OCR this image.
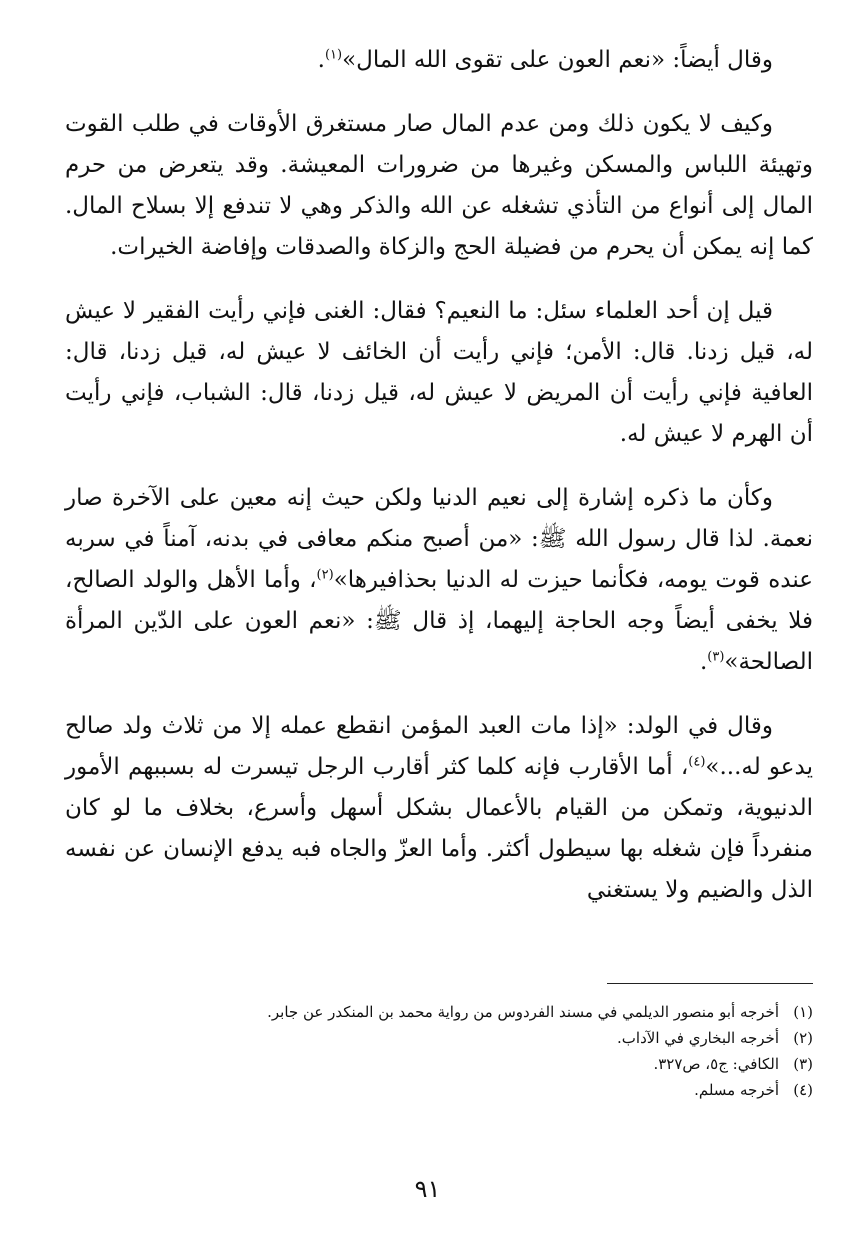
وقال أيضاً: «نعم العون على تقوى الله المال»$^{(١)}$.

وكيف لا يكون ذلك ومن عدم المال صار مستغرق الأوقات في طلب القوت وتهيئة اللباس والمسكن وغيرها من ضرورات المعيشة. وقد يتعرض من حرم المال إلى أنواع من التأذي تشغله عن الله والذكر وهي لا تندفع إلا بسلاح المال. كما إنه يمكن أن يحرم من فضيلة الحج والزكاة والصدقات وإفاضة الخيرات.

قيل إن أحد العلماء سئل: ما النعيم؟ فقال: الغنى فإني رأيت الفقير لا عيش له، قيل زدنا. قال: الأمن؛ فإني رأيت أن الخائف لا عيش له، قيل زدنا، قال: العافية فإني رأيت أن المريض لا عيش له، قيل زدنا، قال: الشباب، فإني رأيت أن الهرم لا عيش له.

وكأن ما ذكره إشارة إلى نعيم الدنيا ولكن حيث إنه معين على الآخرة صار نعمة. لذا قال رسول الله ﷺ: «من أصبح منكم معافى في بدنه، آمناً في سربه عنده قوت يومه، فكأنما حيزت له الدنيا بحذافيرها»$^{(٢)}$، وأما الأهل والولد الصالح، فلا يخفى أيضاً وجه الحاجة إليهما، إذ قال ﷺ: «نعم العون على الدّين المرأة الصالحة»$^{(٣)}$.

وقال في الولد: «إذا مات العبد المؤمن انقطع عمله إلا من ثلاث ولد صالح يدعو له...»$^{(٤)}$، أما الأقارب فإنه كلما كثر أقارب الرجل تيسرت له بسببهم الأمور الدنيوية، وتمكن من القيام بالأعمال بشكل أسهل وأسرع، بخلاف ما لو كان منفرداً فإن شغله بها سيطول أكثر. وأما العزّ والجاه فبه يدفع الإنسان عن نفسه الذل والضيم ولا يستغني

(١)
أخرجه أبو منصور الديلمي في مسند الفردوس من رواية محمد بن المنكدر عن جابر.
(٢)
أخرجه البخاري في الآداب.
(٣)
الكافي: ج٥، ص٣٢٧.
(٤)
أخرجه مسلم.
٩١
